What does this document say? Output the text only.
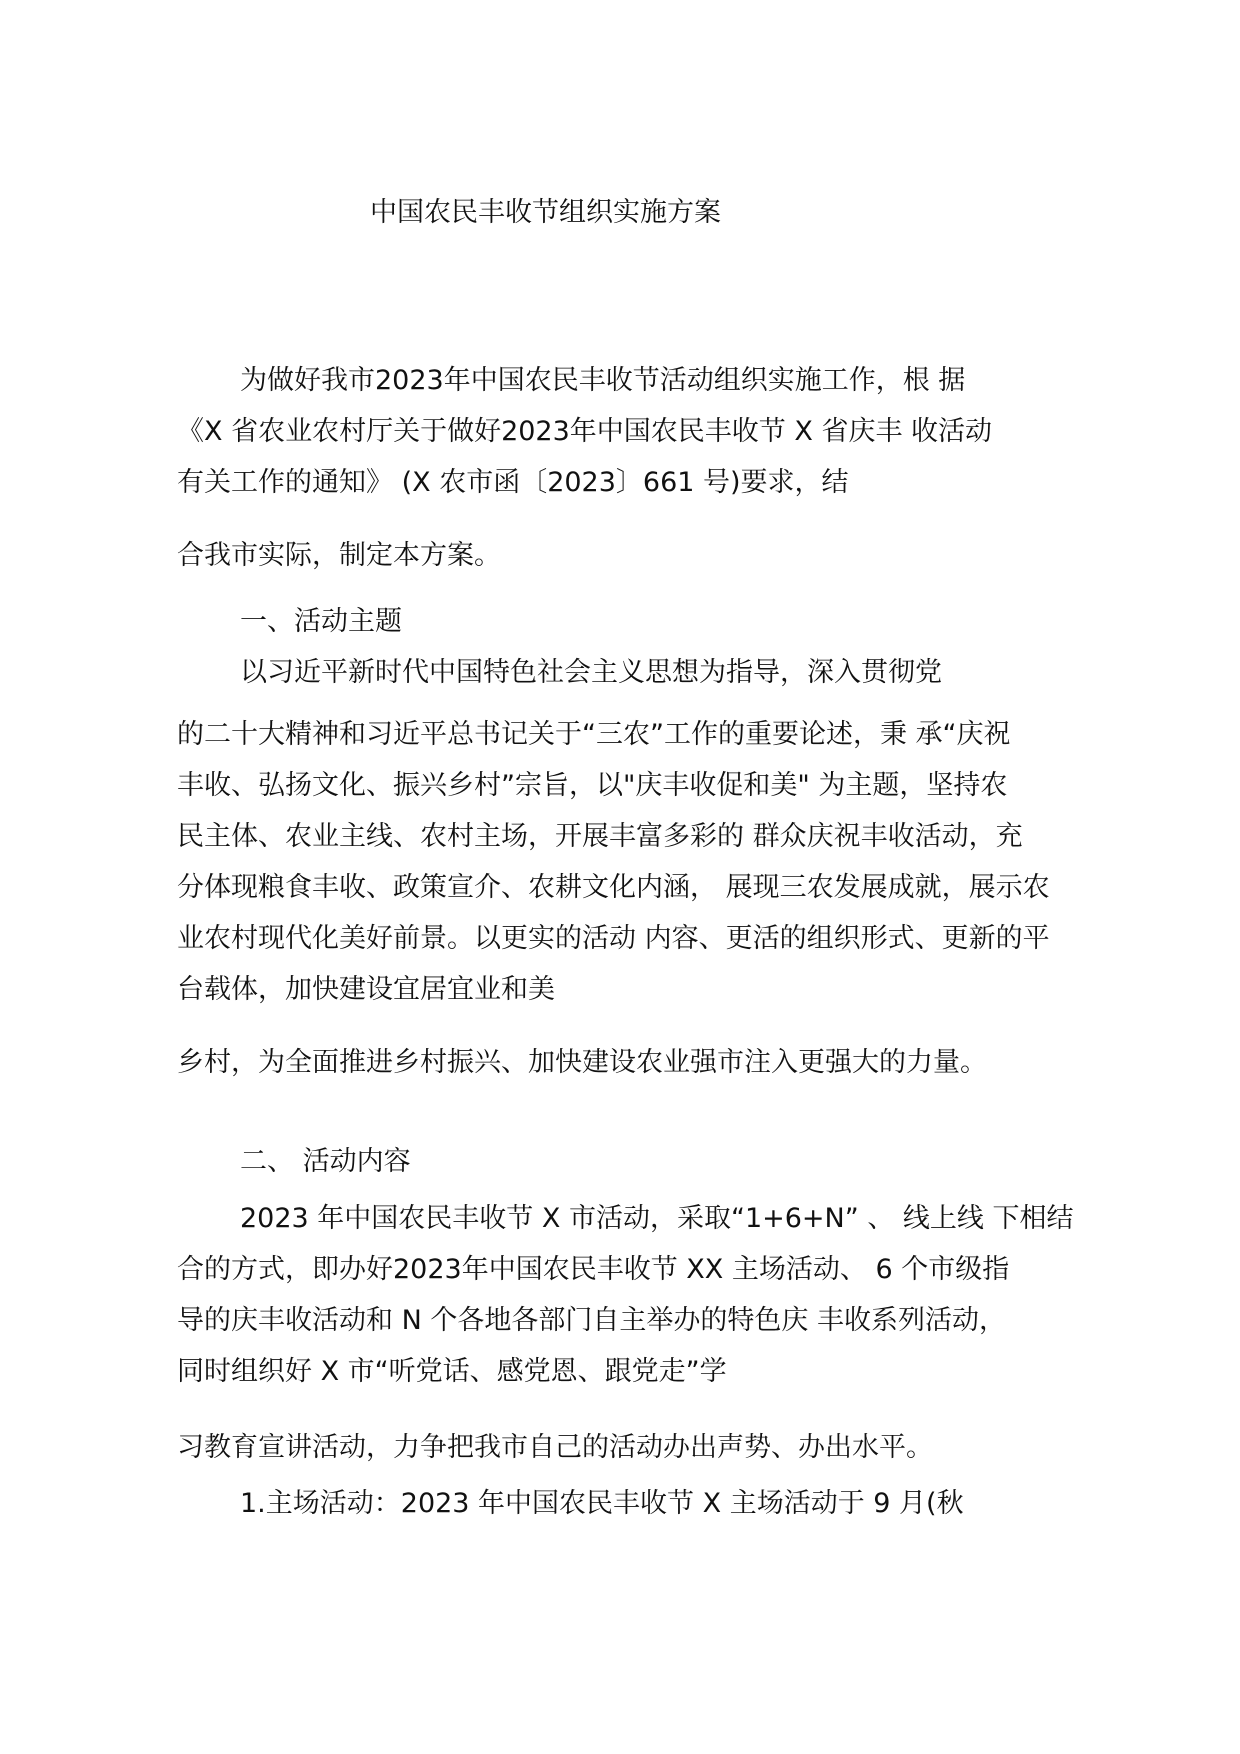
中国农民丰收节组织实施方案
为做好我市2023年中国农民丰收节活动组织实施工作，根 据
《X 省农业农村厅关于做好2023年中国农民丰收节 X 省庆丰 收活动
有关工作的通知》 (X 农市函〔2023〕661 号)要求，结
合我市实际，制定本方案。
一、活动主题
以习近平新时代中国特色社会主义思想为指导，深入贯彻党
的二十大精神和习近平总书记关于“三农”工作的重要论述，秉 承“庆祝
丰收、弘扬文化、振兴乡村”宗旨，以"庆丰收促和美" 为主题，坚持农
民主体、农业主线、农村主场，开展丰富多彩的 群众庆祝丰收活动，充
分体现粮食丰收、政策宣介、农耕文化内涵， 展现三农发展成就，展示农
业农村现代化美好前景。以更实的活动 内容、更活的组织形式、更新的平
台载体，加快建设宜居宜业和美
乡村，为全面推进乡村振兴、加快建设农业强市注入更强大的力量。
二、 活动内容
2023 年中国农民丰收节 X 市活动，采取“1+6+N” 、 线上线 下相结
合的方式，即办好2023年中国农民丰收节 XX 主场活动、 6 个市级指
导的庆丰收活动和 N 个各地各部门自主举办的特色庆 丰收系列活动，
同时组织好 X 市“听党话、感党恩、跟党走”学
习教育宣讲活动，力争把我市自己的活动办出声势、办出水平。
1.主场活动：2023 年中国农民丰收节 X 主场活动于 9 月(秋
